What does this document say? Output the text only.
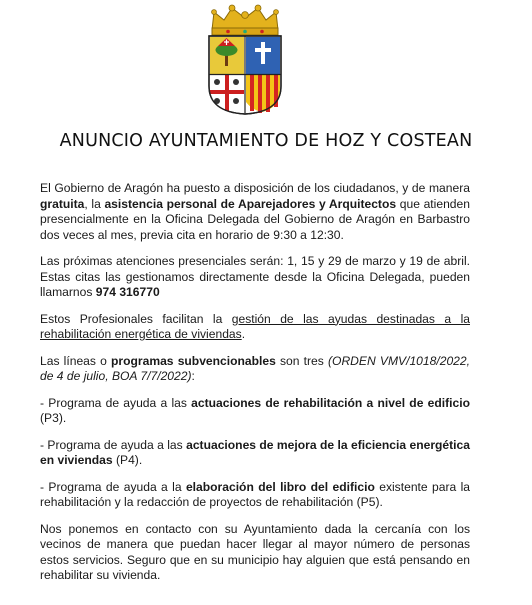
ANUNCIO AYUNTAMIENTO DE HOZ Y COSTEAN

El Gobierno de Aragón ha puesto a disposición de los ciudadanos, y de manera gratuita, la asistencia personal de Aparejadores y Arquitectos que atienden presencialmente en la Oficina Delegada del Gobierno de Aragón en Barbastro dos veces al mes, previa cita en horario de 9:30 a 12:30.

Las próximas atenciones presenciales serán: 1, 15 y 29 de marzo y 19 de abril. Estas citas las gestionamos directamente desde la Oficina Delegada, pueden llamarnos 974 316770

Estos Profesionales facilitan la gestión de las ayudas destinadas a la rehabilitación energética de viviendas.

Las líneas o programas subvencionables son tres (ORDEN VMV/1018/2022, de 4 de julio, BOA 7/7/2022):

- Programa de ayuda a las actuaciones de rehabilitación a nivel de edificio (P3).

- Programa de ayuda a las actuaciones de mejora de la eficiencia energética en viviendas (P4).

- Programa de ayuda a la elaboración del libro del edificio existente para la rehabilitación y la redacción de proyectos de rehabilitación (P5).

Nos ponemos en contacto con su Ayuntamiento dada la cercanía con los vecinos de manera que puedan hacer llegar al mayor número de personas estos servicios. Seguro que en su municipio hay alguien que está pensando en rehabilitar su vivienda.
